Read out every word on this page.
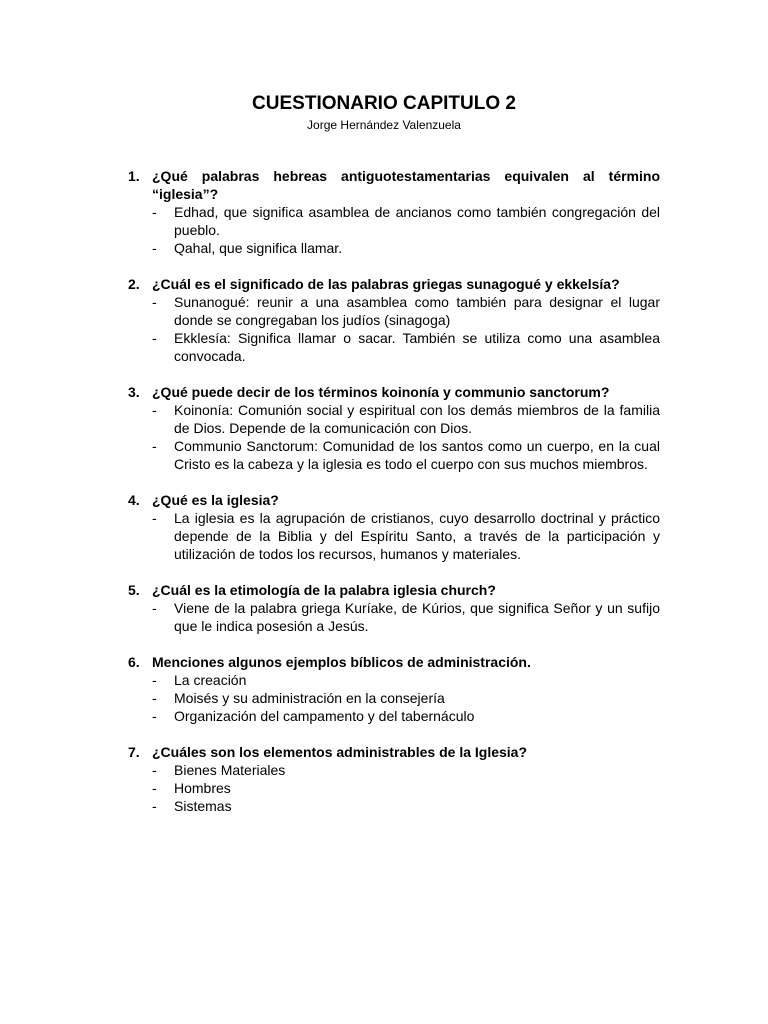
CUESTIONARIO CAPITULO 2
Jorge Hernández Valenzuela
1. ¿Qué palabras hebreas antiguotestamentarias equivalen al término “iglesia”?
- Edhad, que significa asamblea de ancianos como también congregación del pueblo.
- Qahal, que significa llamar.
2. ¿Cuál es el significado de las palabras griegas sunagogué y ekkelsía?
- Sunanogué: reunir a una asamblea como también para designar el lugar donde se congregaban los judíos (sinagoga)
- Ekklesía: Significa llamar o sacar. También se utiliza como una asamblea convocada.
3. ¿Qué puede decir de los términos koinonía y communio sanctorum?
- Koinonía: Comunión social y espiritual con los demás miembros de la familia de Dios. Depende de la comunicación con Dios.
- Communio Sanctorum: Comunidad de los santos como un cuerpo, en la cual Cristo es la cabeza y la iglesia es todo el cuerpo con sus muchos miembros.
4. ¿Qué es la iglesia?
- La iglesia es la agrupación de cristianos, cuyo desarrollo doctrinal y práctico depende de la Biblia y del Espíritu Santo, a través de la participación y utilización de todos los recursos, humanos y materiales.
5. ¿Cuál es la etimología de la palabra iglesia church?
- Viene de la palabra griega Kuríake, de Kúrios, que significa Señor y un sufijo que le indica posesión a Jesús.
6. Menciones algunos ejemplos bíblicos de administración.
- La creación
- Moisés y su administración en la consejería
- Organización del campamento y del tabernáculo
7. ¿Cuáles son los elementos administrables de la Iglesia?
- Bienes Materiales
- Hombres
- Sistemas
